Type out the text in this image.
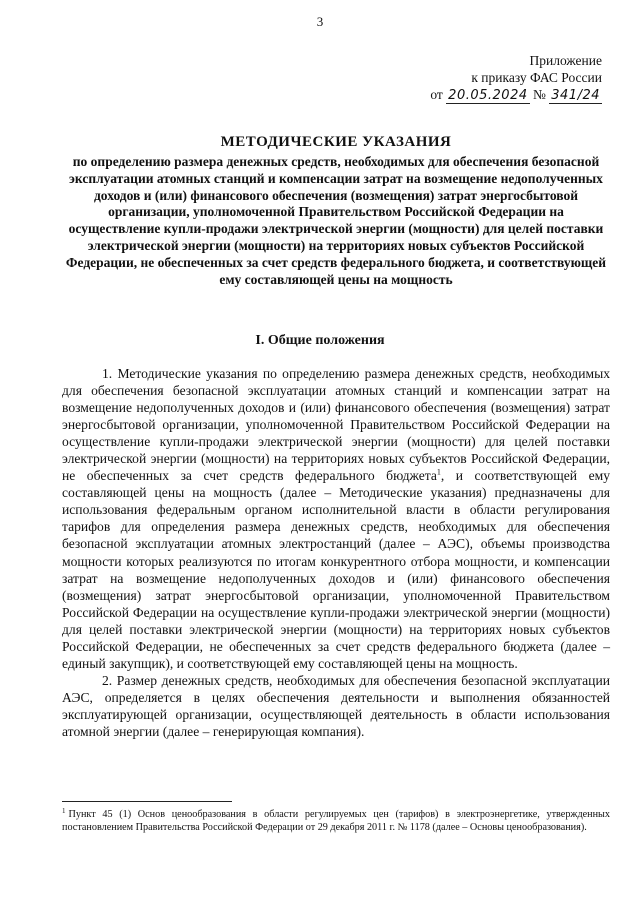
3
Приложение
к приказу ФАС России
от 20.05.2024 № 341/24
МЕТОДИЧЕСКИЕ УКАЗАНИЯ
по определению размера денежных средств, необходимых для обеспечения безопасной эксплуатации атомных станций и компенсации затрат на возмещение недополученных доходов и (или) финансового обеспечения (возмещения) затрат энергосбытовой организации, уполномоченной Правительством Российской Федерации на осуществление купли-продажи электрической энергии (мощности) для целей поставки электрической энергии (мощности) на территориях новых субъектов Российской Федерации, не обеспеченных за счет средств федерального бюджета, и соответствующей ему составляющей цены на мощность
I. Общие положения

1. Методические указания по определению размера денежных средств, необходимых для обеспечения безопасной эксплуатации атомных станций и компенсации затрат на возмещение недополученных доходов и (или) финансового обеспечения (возмещения) затрат энергосбытовой организации, уполномоченной Правительством Российской Федерации на осуществление купли-продажи электрической энергии (мощности) для целей поставки электрической энергии (мощности) на территориях новых субъектов Российской Федерации, не обеспеченных за счет средств федерального бюджета$^1$, и соответствующей ему составляющей цены на мощность (далее – Методические указания) предназначены для использования федеральным органом исполнительной власти в области регулирования тарифов для определения размера денежных средств, необходимых для обеспечения безопасной эксплуатации атомных электростанций (далее – АЭС), объемы производства мощности которых реализуются по итогам конкурентного отбора мощности, и компенсации затрат на возмещение недополученных доходов и (или) финансового обеспечения (возмещения) затрат энергосбытовой организации, уполномоченной Правительством Российской Федерации на осуществление купли-продажи электрической энергии (мощности) для целей поставки электрической энергии (мощности) на территориях новых субъектов Российской Федерации, не обеспеченных за счет средств федерального бюджета (далее – единый закупщик), и соответствующей ему составляющей цены на мощность.

2. Размер денежных средств, необходимых для обеспечения безопасной эксплуатации АЭС, определяется в целях обеспечения деятельности и выполнения обязанностей эксплуатирующей организации, осуществляющей деятельность в области использования атомной энергии (далее – генерирующая компания).

$^1$ Пункт 45 (1) Основ ценообразования в области регулируемых цен (тарифов) в электроэнергетике, утвержденных постановлением Правительства Российской Федерации от 29 декабря 2011 г. № 1178 (далее – Основы ценообразования).
